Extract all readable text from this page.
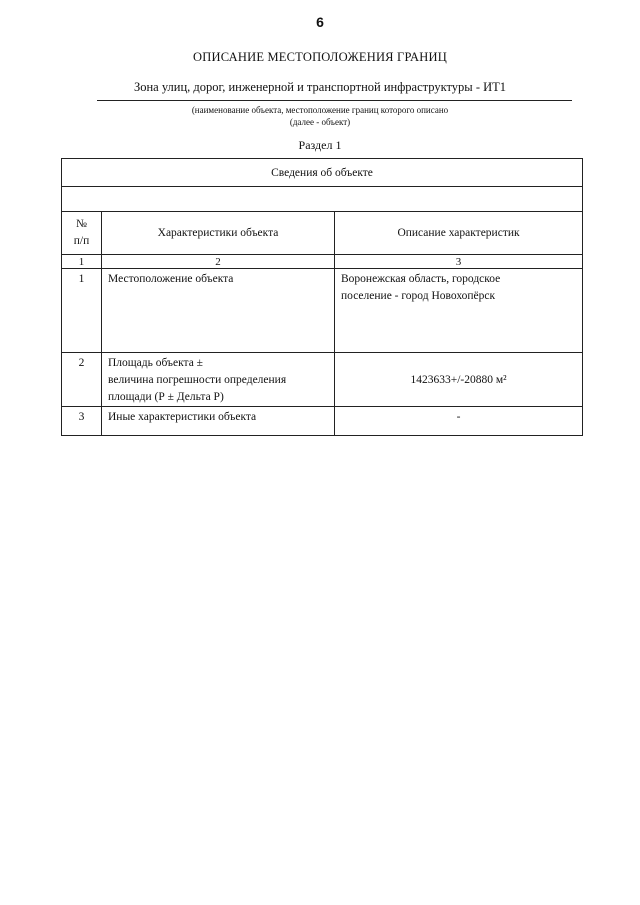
6
ОПИСАНИЕ МЕСТОПОЛОЖЕНИЯ ГРАНИЦ
Зона улиц, дорог, инженерной и транспортной инфраструктуры - ИТ1
(наименование объекта, местоположение границ которого описано
(далее - объект)
Раздел 1
Сведения об объекте		

№
п/п	Характеристики объекта	Описание характеристик
1	2	3
1	Местоположение объекта	Воронежская область, городское
поселение - город Новохопёрск

2	Площадь объекта ±
величина погрешности определения
площади (Р ± Дельта Р)	1423633+/-20880 м²
3	Иные характеристики объекта	-
